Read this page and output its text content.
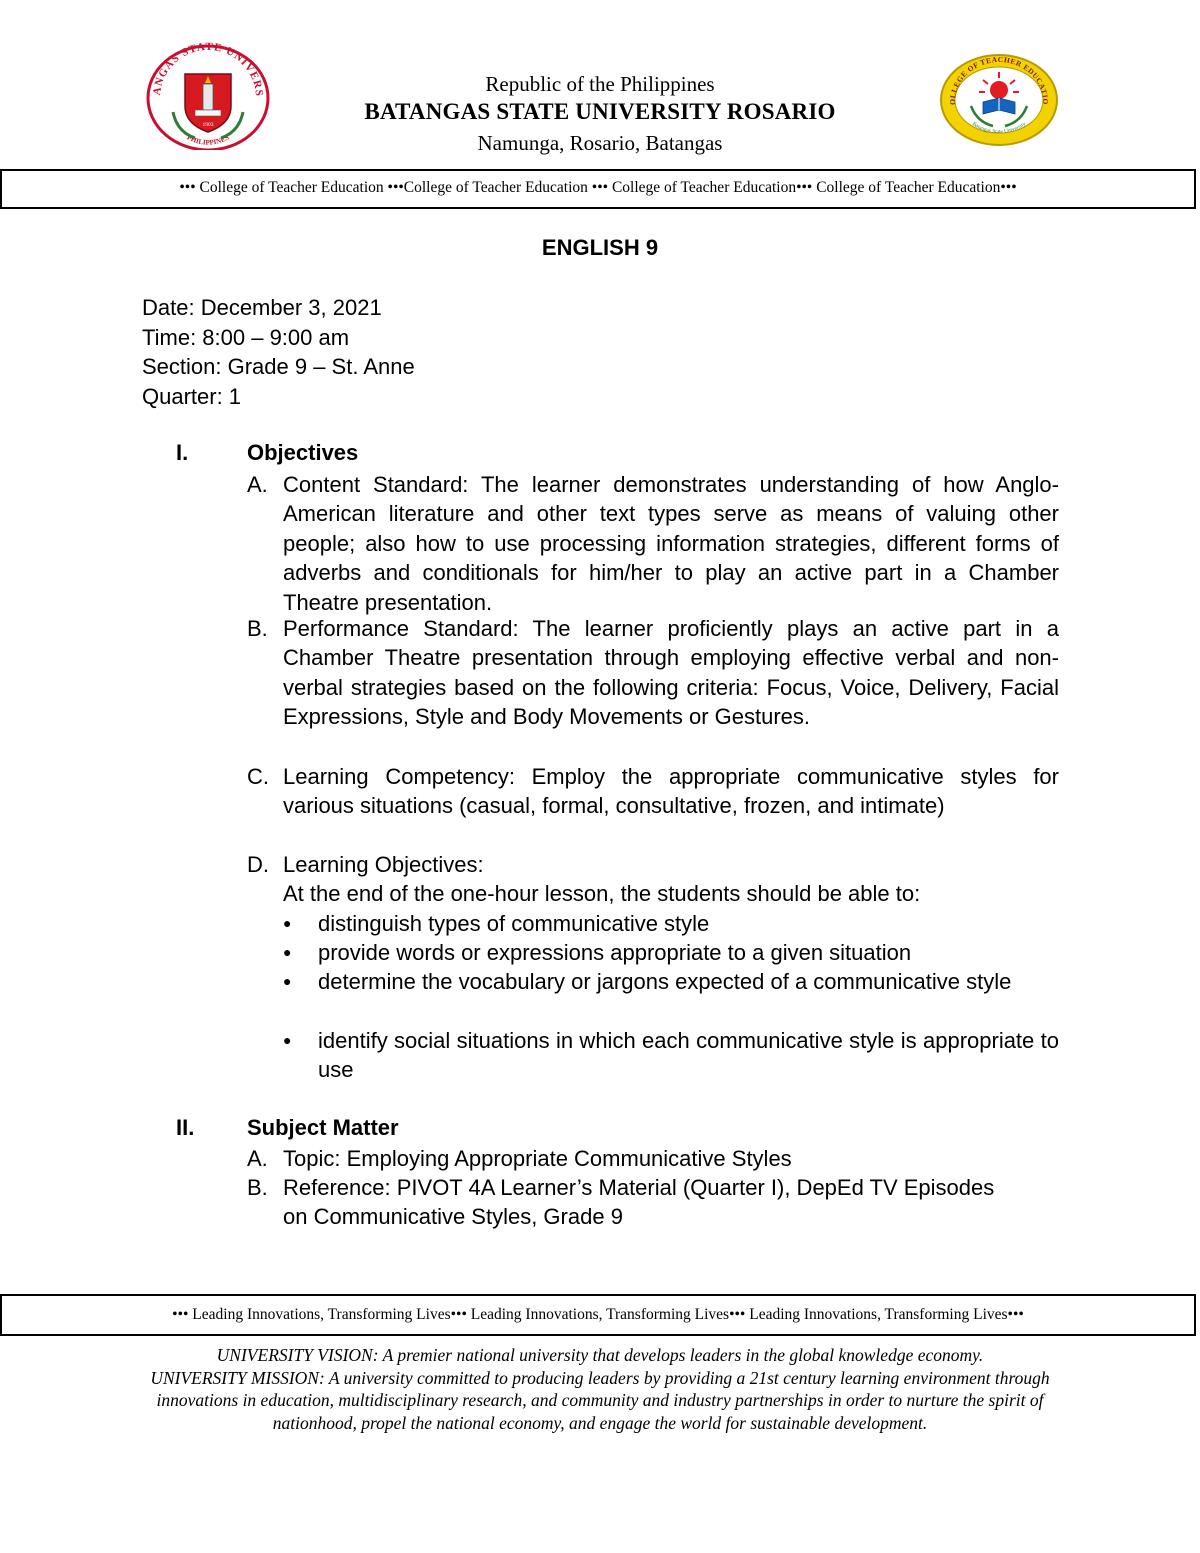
ANGAS STATE UNIVERS
PHILIPPINES
1903
Republic of the Philippines
BATANGAS STATE UNIVERSITY ROSARIO
Namunga, Rosario, Batangas
OLLEGE OF TEACHER EDUCATIO
Batangas State University
••• College of Teacher Education •••College of Teacher Education ••• College of Teacher Education••• College of Teacher Education•••
ENGLISH 9
Date: December 3, 2021
Time: 8:00 – 9:00 am
Section: Grade 9 – St. Anne
Quarter: 1
I.	Objectives
A. Content Standard: The learner demonstrates understanding of how Anglo-American literature and other text types serve as means of valuing other people; also how to use processing information strategies, different forms of adverbs and conditionals for him/her to play an active part in a Chamber Theatre presentation.
B. Performance Standard: The learner proficiently plays an active part in a Chamber Theatre presentation through employing effective verbal and non- verbal strategies based on the following criteria: Focus, Voice, Delivery, Facial Expressions, Style and Body Movements or Gestures.
C. Learning Competency: Employ the appropriate communicative styles for various situations (casual, formal, consultative, frozen, and intimate)
D. Learning Objectives:
At the end of the one-hour lesson, the students should be able to:
●	distinguish types of communicative style
●	provide words or expressions appropriate to a given situation
●	determine the vocabulary or jargons expected of a communicative style
●	identify social situations in which each communicative style is appropriate to use
II. Subject Matter
A. Topic: Employing Appropriate Communicative Styles
B. Reference: PIVOT 4A Learner’s Material (Quarter I), DepEd TV Episodes on Communicative Styles, Grade 9
••• Leading Innovations, Transforming Lives••• Leading Innovations, Transforming Lives••• Leading Innovations, Transforming Lives•••
UNIVERSITY VISION: A premier national university that develops leaders in the global knowledge economy.
UNIVERSITY MISSION: A university committed to producing leaders by providing a 21st century learning environment through innovations in education, multidisciplinary research, and community and industry partnerships in order to nurture the spirit of nationhood, propel the national economy, and engage the world for sustainable development.
